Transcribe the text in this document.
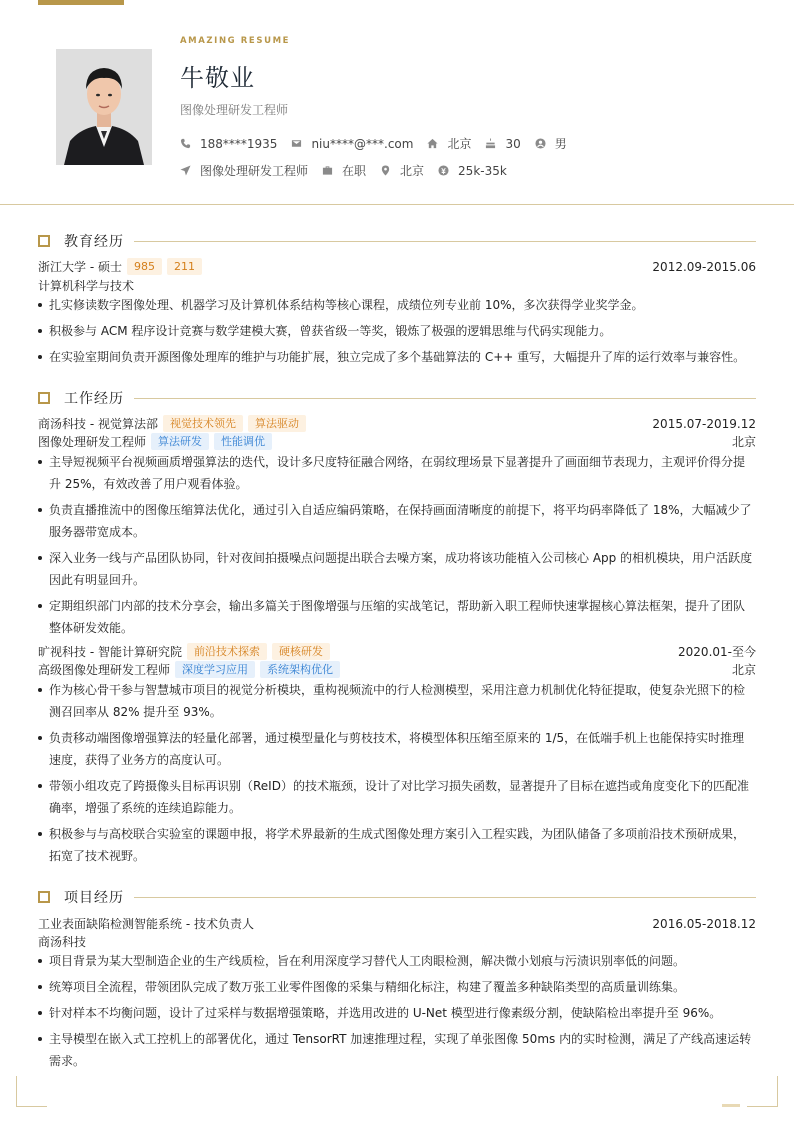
AMAZING RESUME
牛敬业
图像处理研发工程师
188****1935	niu****@***.com	北京	30	男
图像处理研发工程师	在职	北京	25k-35k
教育经历
浙江大学 - 硕士	985	211	2012.09-2015.06
计算机科学与技术
扎实修读数字图像处理、机器学习及计算机体系结构等核心课程，成绩位列专业前 10%，多次获得学业奖学金。
积极参与 ACM 程序设计竞赛与数学建模大赛，曾获省级一等奖，锻炼了极强的逻辑思维与代码实现能力。
在实验室期间负责开源图像处理库的维护与功能扩展，独立完成了多个基础算法的 C++ 重写，大幅提升了库的运行效率与兼容性。
工作经历
商汤科技 - 视觉算法部	视觉技术领先	算法驱动	2015.07-2019.12
图像处理研发工程师	算法研发	性能调优	北京
主导短视频平台视频画质增强算法的迭代，设计多尺度特征融合网络，在弱纹理场景下显著提升了画面细节表现力，主观评价得分提升 25%，有效改善了用户观看体验。
负责直播推流中的图像压缩算法优化，通过引入自适应编码策略，在保持画面清晰度的前提下，将平均码率降低了 18%，大幅减少了服务器带宽成本。
深入业务一线与产品团队协同，针对夜间拍摄噪点问题提出联合去噪方案，成功将该功能植入公司核心 App 的相机模块，用户活跃度因此有明显回升。
定期组织部门内部的技术分享会，输出多篇关于图像增强与压缩的实战笔记，帮助新入职工程师快速掌握核心算法框架，提升了团队整体研发效能。
旷视科技 - 智能计算研究院	前沿技术探索	硬核研发	2020.01-至今
高级图像处理研发工程师	深度学习应用	系统架构优化	北京
作为核心骨干参与智慧城市项目的视觉分析模块，重构视频流中的行人检测模型，采用注意力机制优化特征提取，使复杂光照下的检测召回率从 82% 提升至 93%。
负责移动端图像增强算法的轻量化部署，通过模型量化与剪枝技术，将模型体积压缩至原来的 1/5，在低端手机上也能保持实时推理速度，获得了业务方的高度认可。
带领小组攻克了跨摄像头目标再识别（ReID）的技术瓶颈，设计了对比学习损失函数，显著提升了目标在遮挡或角度变化下的匹配准确率，增强了系统的连续追踪能力。
积极参与与高校联合实验室的课题申报，将学术界最新的生成式图像处理方案引入工程实践，为团队储备了多项前沿技术预研成果，拓宽了技术视野。
项目经历
工业表面缺陷检测智能系统 - 技术负责人	2016.05-2018.12
商汤科技
项目背景为某大型制造企业的生产线质检，旨在利用深度学习替代人工肉眼检测，解决微小划痕与污渍识别率低的问题。
统筹项目全流程，带领团队完成了数万张工业零件图像的采集与精细化标注，构建了覆盖多种缺陷类型的高质量训练集。
针对样本不均衡问题，设计了过采样与数据增强策略，并选用改进的 U-Net 模型进行像素级分割，使缺陷检出率提升至 96%。
主导模型在嵌入式工控机上的部署优化，通过 TensorRT 加速推理过程，实现了单张图像 50ms 内的实时检测，满足了产线高速运转需求。
